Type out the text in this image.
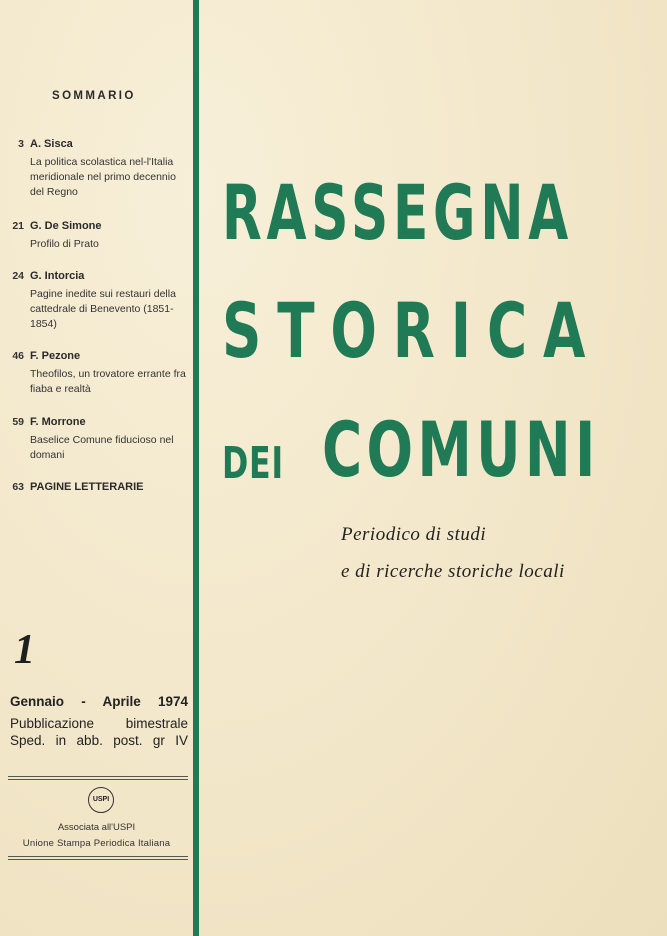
SOMMARIO
3 A. Sisca
La politica scolastica nel-l'Italia meridionale nel primo decennio del Regno
21 G. De Simone
Profilo di Prato
24 G. Intorcia
Pagine inedite sui restauri della cattedrale di Benevento (1851-1854)
46 F. Pezone
Theofilos, un trovatore errante fra fiaba e realtà
59 F. Morrone
Baselice Comune fiducioso nel domani
63 PAGINE LETTERARIE
1
Gennaio - Aprile 1974
Pubblicazione bimestrale
Sped. in abb. post. gr IV
USPI
Associata all'USPI
Unione Stampa Periodica Italiana
RASSEGNA
STORICA
DEI COMUNI
Periodico di studi
e di ricerche storiche locali
